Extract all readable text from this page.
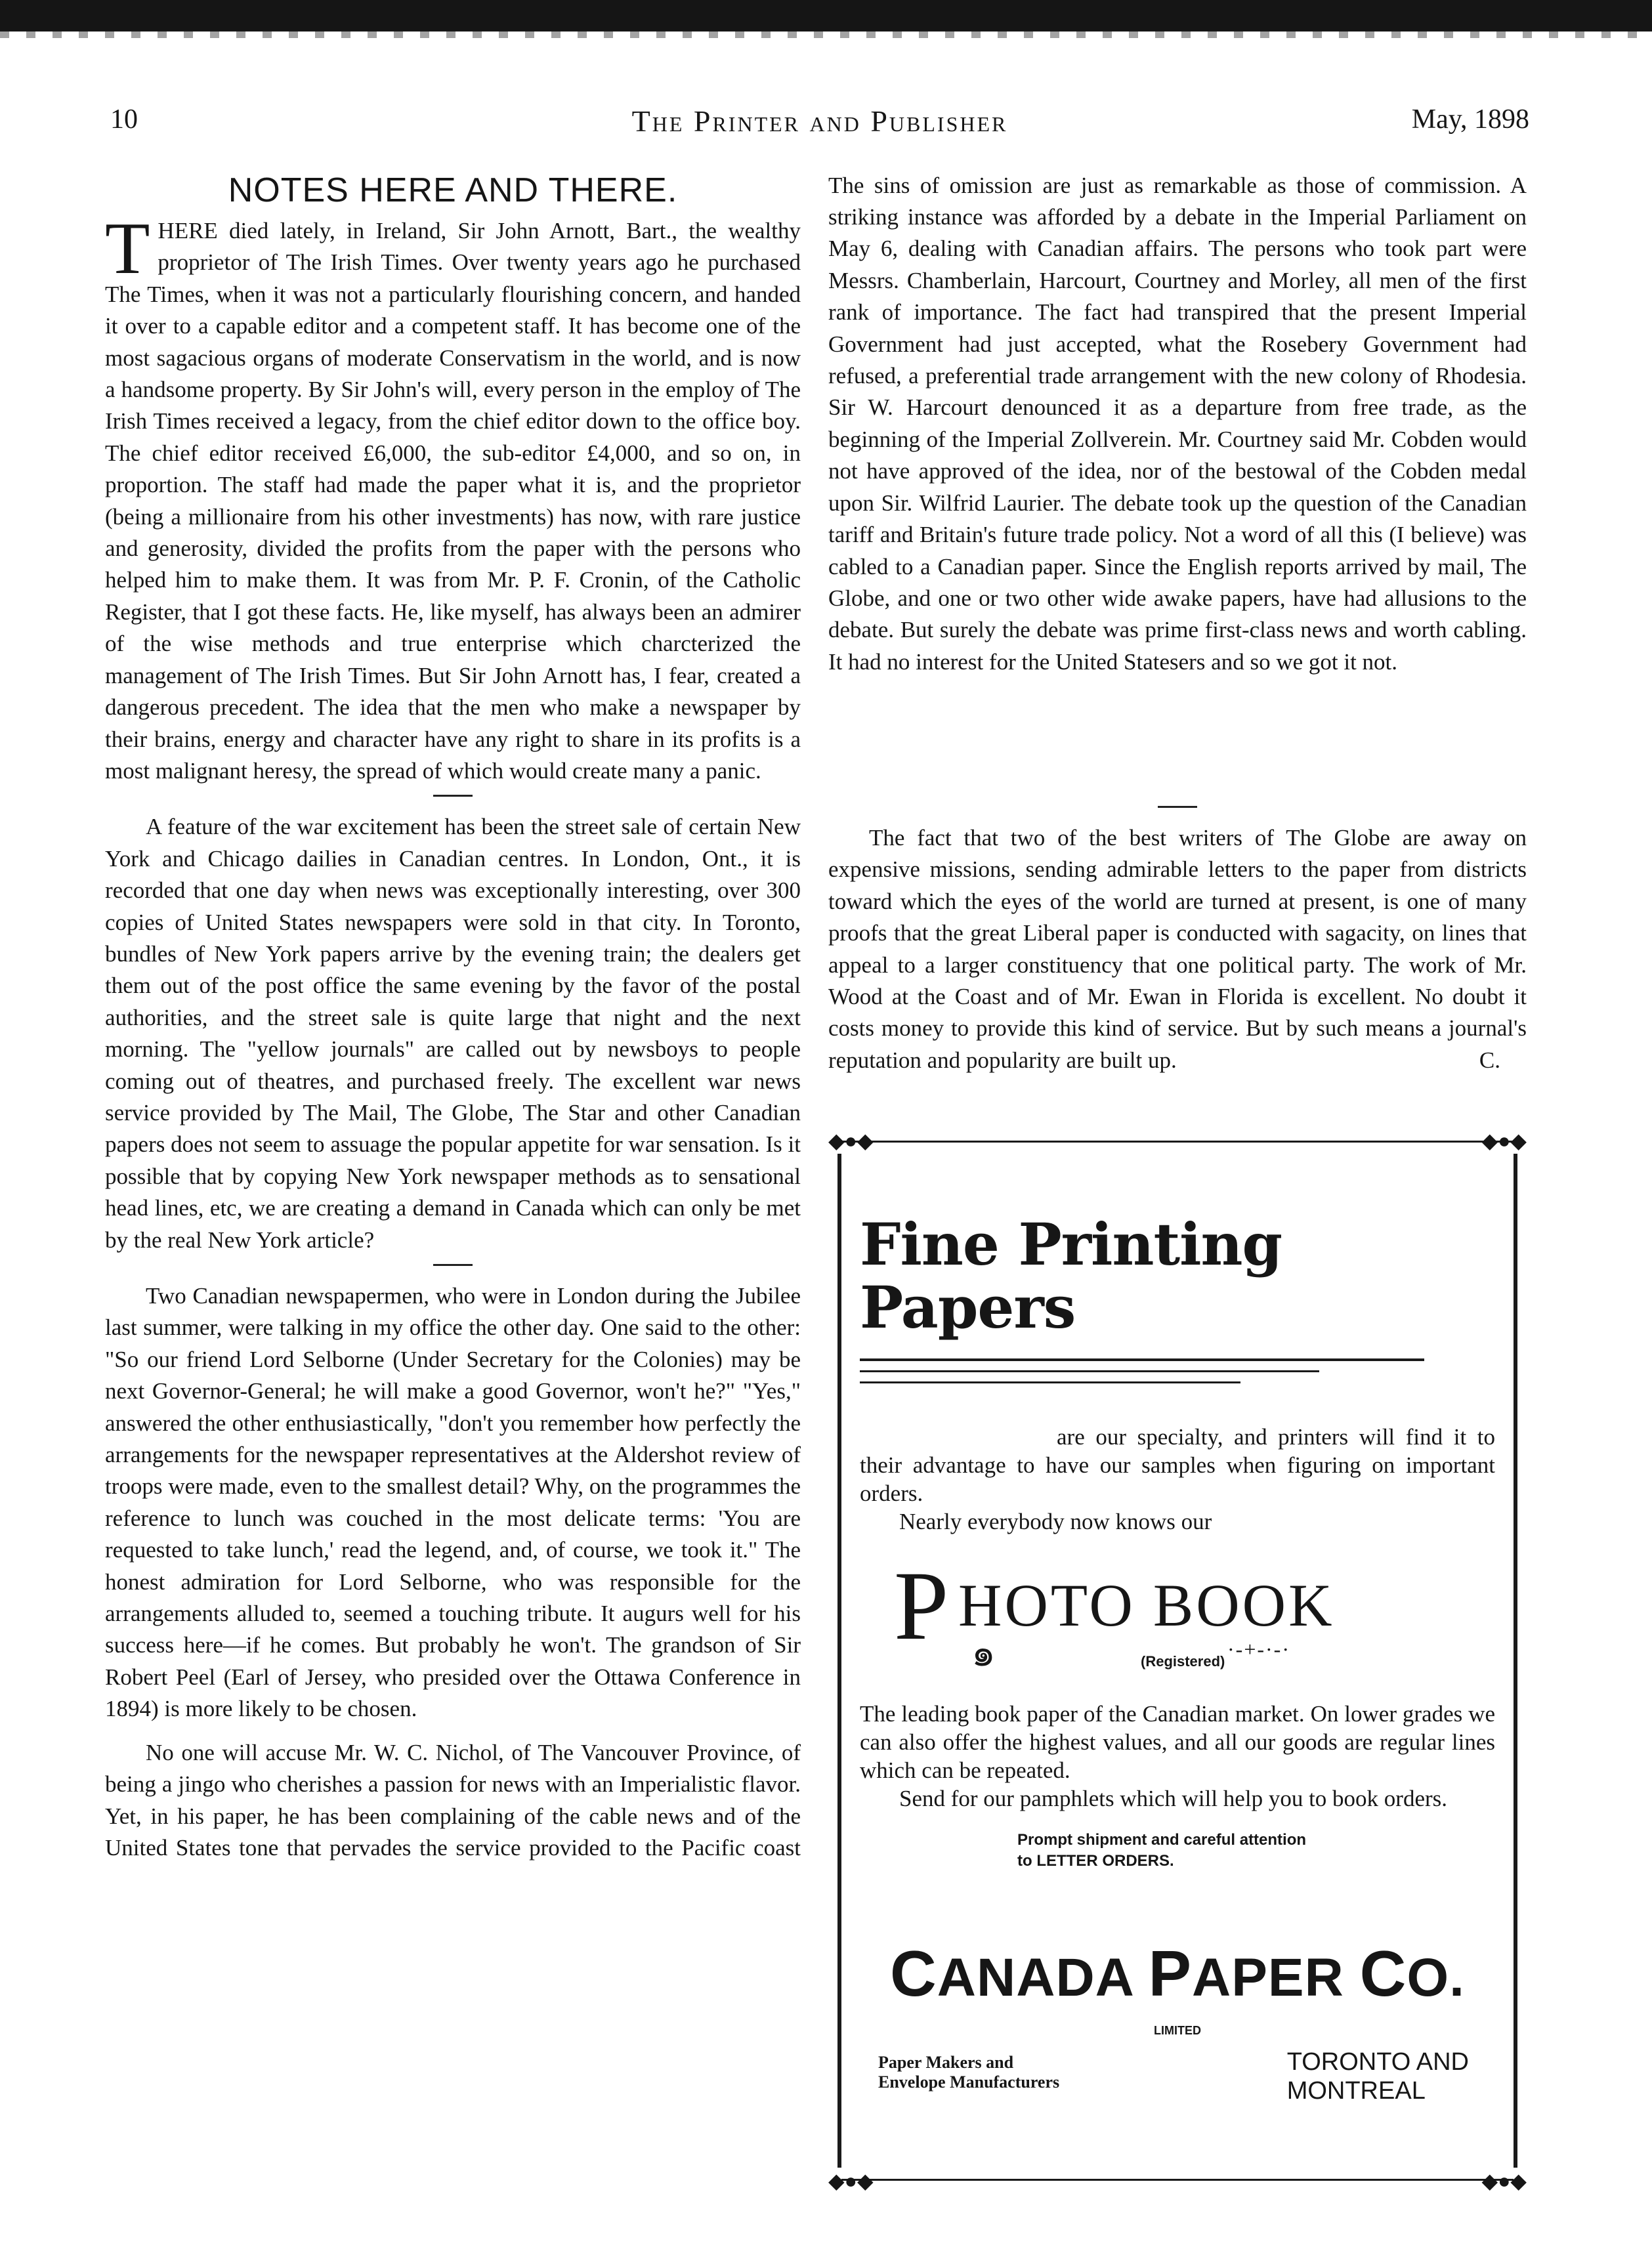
10	The Printer and Publisher	May, 1898
NOTES HERE AND THERE.

THERE died lately, in Ireland, Sir John Arnott, Bart., the wealthy proprietor of The Irish Times. Over twenty years ago he purchased The Times, when it was not a particularly flourishing concern, and handed it over to a capable editor and a competent staff. It has become one of the most sagacious organs of moderate Conservatism in the world, and is now a handsome property. By Sir John's will, every person in the employ of The Irish Times received a legacy, from the chief editor down to the office boy. The chief editor received £6,000, the sub-editor £4,000, and so on, in proportion. The staff had made the paper what it is, and the proprietor (being a millionaire from his other investments) has now, with rare justice and generosity, divided the profits from the paper with the persons who helped him to make them. It was from Mr. P. F. Cronin, of the Catholic Register, that I got these facts. He, like myself, has always been an admirer of the wise methods and true enterprise which charcterized the management of The Irish Times. But Sir John Arnott has, I fear, created a dangerous precedent. The idea that the men who make a newspaper by their brains, energy and character have any right to share in its profits is a most malignant heresy, the spread of which would create many a panic.

A feature of the war excitement has been the street sale of certain New York and Chicago dailies in Canadian centres. In London, Ont., it is recorded that one day when news was exceptionally interesting, over 300 copies of United States newspapers were sold in that city. In Toronto, bundles of New York papers arrive by the evening train; the dealers get them out of the post office the same evening by the favor of the postal authorities, and the street sale is quite large that night and the next morning. The "yellow journals" are called out by newsboys to people coming out of theatres, and purchased freely. The excellent war news service provided by The Mail, The Globe, The Star and other Canadian papers does not seem to assuage the popular appetite for war sensation. Is it possible that by copying New York newspaper methods as to sensational head lines, etc, we are creating a demand in Canada which can only be met by the real New York article?

Two Canadian newspapermen, who were in London during the Jubilee last summer, were talking in my office the other day. One said to the other: "So our friend Lord Selborne (Under Secretary for the Colonies) may be next Governor-General; he will make a good Governor, won't he?" "Yes," answered the other enthusiastically, "don't you remember how perfectly the arrangements for the newspaper representatives at the Aldershot review of troops were made, even to the smallest detail? Why, on the programmes the reference to lunch was couched in the most delicate terms: 'You are requested to take lunch,' read the legend, and, of course, we took it." The honest admiration for Lord Selborne, who was responsible for the arrangements alluded to, seemed a touching tribute. It augurs well for his success here—if he comes. But probably he won't. The grandson of Sir Robert Peel (Earl of Jersey, who presided over the Ottawa Conference in 1894) is more likely to be chosen.

No one will accuse Mr. W. C. Nichol, of The Vancouver Province, of being a jingo who cherishes a passion for news with an Imperialistic flavor. Yet, in his paper, he has been complaining of the cable news and of the United States tone that pervades the service provided to the Pacific coast

The sins of omission are just as remarkable as those of commission. A striking instance was afforded by a debate in the Imperial Parliament on May 6, dealing with Canadian affairs. The persons who took part were Messrs. Chamberlain, Harcourt, Courtney and Morley, all men of the first rank of importance. The fact had transpired that the present Imperial Government had just accepted, what the Rosebery Government had refused, a preferential trade arrangement with the new colony of Rhodesia. Sir W. Harcourt denounced it as a departure from free trade, as the beginning of the Imperial Zollverein. Mr. Courtney said Mr. Cobden would not have approved of the idea, nor of the bestowal of the Cobden medal upon Sir. Wilfrid Laurier. The debate took up the question of the Canadian tariff and Britain's future trade policy. Not a word of all this (I believe) was cabled to a Canadian paper. Since the English reports arrived by mail, The Globe, and one or two other wide awake papers, have had allusions to the debate. But surely the debate was prime first-class news and worth cabling. It had no interest for the United Statesers and so we got it not.

The fact that two of the best writers of The Globe are away on expensive missions, sending admirable letters to the paper from districts toward which the eyes of the world are turned at present, is one of many proofs that the great Liberal paper is conducted with sagacity, on lines that appeal to a larger constituency that one political party. The work of Mr. Wood at the Coast and of Mr. Ewan in Florida is excellent. No doubt it costs money to provide this kind of service. But by such means a journal's reputation and popularity are built up.	C.

◆●◆	◆●◆
◆●◆	◆●◆
Fine Printing Papers

are our specialty, and printers will find it to their advantage to have our samples when figuring on important orders.

Nearly everybody now knows our

P HOTO BOOK
๑	·-+-·-·
(Registered)

The leading book paper of the Canadian market. On lower grades we can also offer the highest values, and all our goods are regular lines which can be repeated.

Send for our pamphlets which will help you to book orders.

Prompt shipment and careful attention
to LETTER ORDERS.
CANADA PAPER CO.
LIMITED
Paper Makers and
Envelope Manufacturers
TORONTO AND
MONTREAL
